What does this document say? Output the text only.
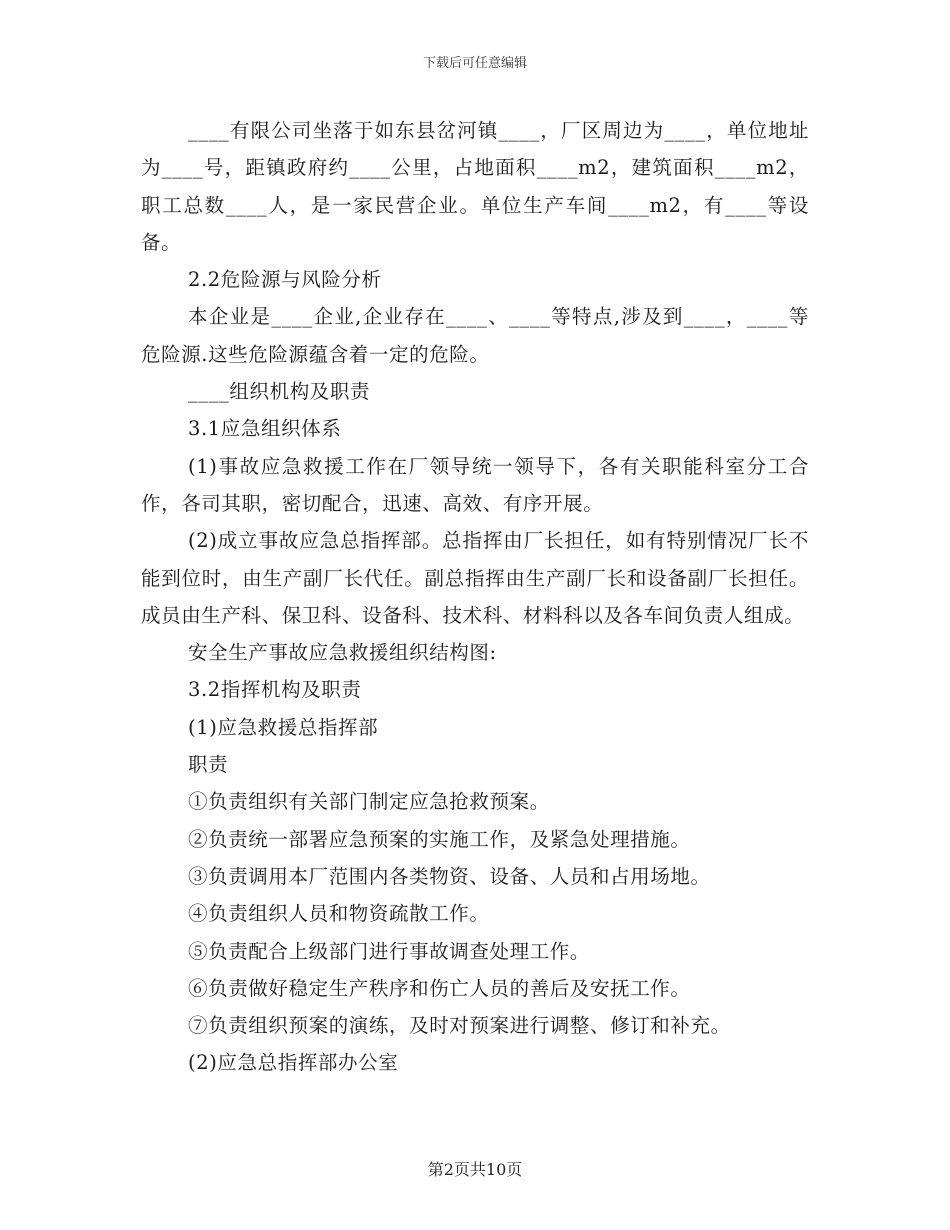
下载后可任意编辑

____有限公司坐落于如东县岔河镇____，厂区周边为____，单位地址为____号，距镇政府约____公里，占地面积____m2，建筑面积____m2，职工总数____人，是一家民营企业。单位生产车间____m2，有____等设备。

2.2危险源与风险分析

本企业是____企业,企业存在____、____等特点,涉及到____，____等危险源.这些危险源蕴含着一定的危险。

____组织机构及职责

3.1应急组织体系

(1)事故应急救援工作在厂领导统一领导下，各有关职能科室分工合作，各司其职，密切配合，迅速、高效、有序开展。

(2)成立事故应急总指挥部。总指挥由厂长担任，如有特别情况厂长不能到位时，由生产副厂长代任。副总指挥由生产副厂长和设备副厂长担任。成员由生产科、保卫科、设备科、技术科、材料科以及各车间负责人组成。

安全生产事故应急救援组织结构图:

3.2指挥机构及职责

(1)应急救援总指挥部

职责

①负责组织有关部门制定应急抢救预案。

②负责统一部署应急预案的实施工作，及紧急处理措施。

③负责调用本厂范围内各类物资、设备、人员和占用场地。

④负责组织人员和物资疏散工作。

⑤负责配合上级部门进行事故调查处理工作。

⑥负责做好稳定生产秩序和伤亡人员的善后及安抚工作。

⑦负责组织预案的演练，及时对预案进行调整、修订和补充。

(2)应急总指挥部办公室

第2页共10页
